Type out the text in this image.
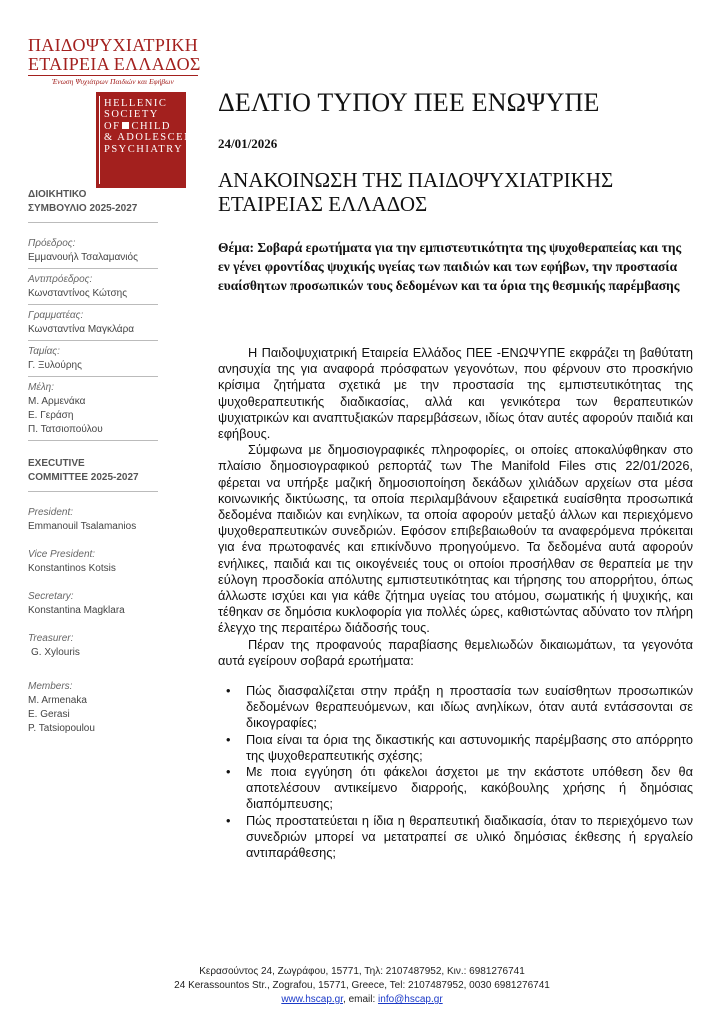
ΠΑΙΔΟΨΥΧΙΑΤΡΙΚΗ
ΕΤΑΙΡΕΙΑ ΕΛΛΑΔΟΣ
Ένωση Ψυχιάτρων Παιδιών και Εφήβων
HELLENIC
SOCIETY
OF CHILD
& ADOLESCENT
PSYCHIATRY
ΔΙΟΙΚΗΤΙΚΟ
ΣΥΜΒΟΥΛΙΟ 2025-2027
Πρόεδρος:
Εμμανουήλ Τσαλαμανιός
Αντιπρόεδρος:
Κωνσταντίνος Κώτσης
Γραμματέας:
Κωνσταντίνα Μαγκλάρα
Ταμίας:
Γ. Ξυλούρης
Μέλη:
Μ. Αρμενάκα
Ε. Γεράση
Π. Τατσιοπούλου
EXECUTIVE
COMMITTEE 2025-2027
President:
Emmanouil Tsalamanios
Vice President:
Konstantinos Kotsis
Secretary:
Konstantina Magklara
Treasurer:
G. Xylouris
Members:
M. Armenaka
E. Gerasi
P. Tatsiopoulou
ΔΕΛΤΙΟ ΤΥΠΟΥ ΠΕΕ ΕΝΩΨΥΠΕ
24/01/2026
ΑΝΑΚΟΙΝΩΣΗ ΤΗΣ ΠΑΙΔΟΨΥΧΙΑΤΡΙΚΗΣ
ΕΤΑΙΡΕΙΑΣ ΕΛΛΑΔΟΣ
Θέμα: Σοβαρά ερωτήματα για την εμπιστευτικότητα της ψυχοθεραπείας και της εν γένει φροντίδας ψυχικής υγείας των παιδιών και των εφήβων, την προστασία ευαίσθητων προσωπικών τους δεδομένων και τα όρια της θεσμικής παρέμβασης

Η Παιδοψυχιατρική Εταιρεία Ελλάδος ΠΕΕ -ΕΝΩΨΥΠΕ εκφράζει τη βαθύτατη ανησυχία της για αναφορά πρόσφατων γεγονότων, που φέρνουν στο προσκήνιο κρίσιμα ζητήματα σχετικά με την προστασία της εμπιστευτικότητας της ψυχοθεραπευτικής διαδικασίας, αλλά και γενικότερα των θεραπευτικών ψυχιατρικών και αναπτυξιακών παρεμβάσεων, ιδίως όταν αυτές αφορούν παιδιά και εφήβους.

Σύμφωνα με δημοσιογραφικές πληροφορίες, οι οποίες αποκαλύφθηκαν στο πλαίσιο δημοσιογραφικού ρεπορτάζ των The Manifold Files στις 22/01/2026, φέρεται να υπήρξε μαζική δημοσιοποίηση δεκάδων χιλιάδων αρχείων στα μέσα κοινωνικής δικτύωσης, τα οποία περιλαμβάνουν εξαιρετικά ευαίσθητα προσωπικά δεδομένα παιδιών και ενηλίκων, τα οποία αφορούν μεταξύ άλλων και περιεχόμενο ψυχοθεραπευτικών συνεδριών. Εφόσον επιβεβαιωθούν τα αναφερόμενα πρόκειται για ένα πρωτοφανές και επικίνδυνο προηγούμενο. Τα δεδομένα αυτά αφορούν ενήλικες, παιδιά και τις οικογένειές τους οι οποίοι προσήλθαν σε θεραπεία με την εύλογη προσδοκία απόλυτης εμπιστευτικότητας και τήρησης του απορρήτου, όπως άλλωστε ισχύει και για κάθε ζήτημα υγείας του ατόμου, σωματικής ή ψυχικής, και τέθηκαν σε δημόσια κυκλοφορία για πολλές ώρες, καθιστώντας αδύνατο τον πλήρη έλεγχο της περαιτέρω διάδοσής τους.

Πέραν της προφανούς παραβίασης θεμελιωδών δικαιωμάτων, τα γεγονότα αυτά εγείρουν σοβαρά ερωτήματα:

• Πώς διασφαλίζεται στην πράξη η προστασία των ευαίσθητων προσωπικών δεδομένων θεραπευόμενων, και ιδίως ανηλίκων, όταν αυτά εντάσσονται σε δικογραφίες;
• Ποια είναι τα όρια της δικαστικής και αστυνομικής παρέμβασης στο απόρρητο της ψυχοθεραπευτικής σχέσης;
• Με ποια εγγύηση ότι φάκελοι άσχετοι με την εκάστοτε υπόθεση δεν θα αποτελέσουν αντικείμενο διαρροής, κακόβουλης χρήσης ή δημόσιας διαπόμπευσης;
• Πώς προστατεύεται η ίδια η θεραπευτική διαδικασία, όταν το περιεχόμενο των συνεδριών μπορεί να μετατραπεί σε υλικό δημόσιας έκθεσης ή εργαλείο αντιπαράθεσης;
Κερασούντος 24, Ζωγράφου, 15771, Τηλ: 2107487952, Κιν.: 6981276741
24 Kerassountos Str., Zografou, 15771, Greece, Tel: 2107487952, 0030 6981276741
www.hscap.gr, email: info@hscap.gr
